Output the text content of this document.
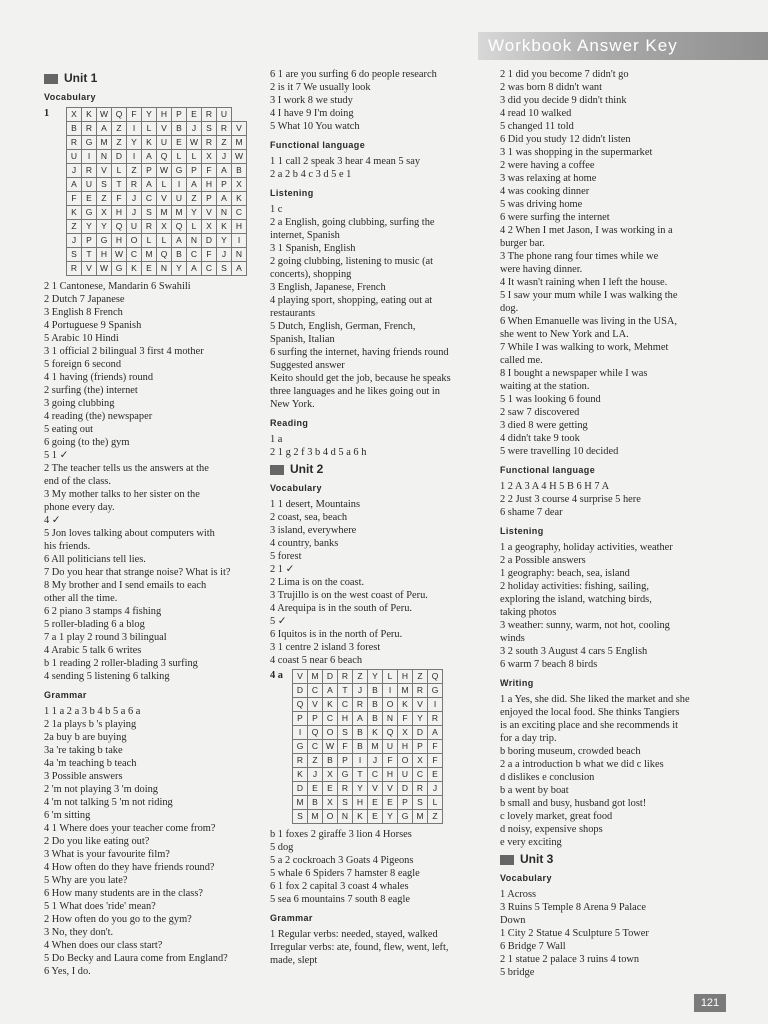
Workbook Answer Key
Unit 1
Vocabulary
1	X	K	W	Q	F	Y	H	P	E	R	U	
B	R	A	Z	I	L	V	B	J	S	R	V
R	G	M	Z	Y	K	U	E	W	R	Z	M
U	I	N	D	I	A	Q	L	L	X	J	W
J	R	V	L	Z	P	W	G	P	F	A	B
A	U	S	T	R	A	L	I	A	H	P	X
F	E	Z	F	J	C	V	U	Z	P	A	K
K	G	X	H	J	S	M	M	Y	V	N	C
Z	Y	Y	Q	U	R	X	Q	L	X	K	H
J	P	G	H	O	L	L	A	N	D	Y	I
S	T	H	W	C	M	Q	B	C	F	J	N
R	V	W	G	K	E	N	Y	A	C	S	A
2 1 Cantonese, Mandarin 6 Swahili
2 Dutch 7 Japanese
3 English 8 French
4 Portuguese 9 Spanish
5 Arabic 10 Hindi
3 1 official 2 bilingual 3 first 4 mother
5 foreign 6 second
4 1 having (friends) round
2 surfing (the) internet
3 going clubbing
4 reading (the) newspaper
5 eating out
6 going (to the) gym
5 1 ✓
2 The teacher tells us the answers at the
end of the class.
3 My mother talks to her sister on the
phone every day.
4 ✓
5 Jon loves talking about computers with
his friends.
6 All politicians tell lies.
7 Do you hear that strange noise? What is it?
8 My brother and I send emails to each
other all the time.
6 2 piano 3 stamps 4 fishing
5 roller-blading 6 a blog
7 a 1 play 2 round 3 bilingual
4 Arabic 5 talk 6 writes
b 1 reading 2 roller-blading 3 surfing
4 sending 5 listening 6 talking
Grammar
1 1 a 2 a 3 b 4 b 5 a 6 a
2 1a plays b 's playing
2a buy b are buying
3a 're taking b take
4a 'm teaching b teach
3 Possible answers
2 'm not playing 3 'm doing
4 'm not talking 5 'm not riding
6 'm sitting
4 1 Where does your teacher come from?
2 Do you like eating out?
3 What is your favourite film?
4 How often do they have friends round?
5 Why are you late?
6 How many students are in the class?
5 1 What does 'ride' mean?
2 How often do you go to the gym?
3 No, they don't.
4 When does our class start?
5 Do Becky and Laura come from England?
6 Yes, I do.
6 1 are you surfing 6 do people research
2 is it 7 We usually look
3 I work 8 we study
4 I have 9 I'm doing
5 What 10 You watch
Functional language
1 1 call 2 speak 3 hear 4 mean 5 say
2 a 2 b 4 c 3 d 5 e 1
Listening
1 c
2 a English, going clubbing, surfing the
internet, Spanish
3 1 Spanish, English
2 going clubbing, listening to music (at
concerts), shopping
3 English, Japanese, French
4 playing sport, shopping, eating out at
restaurants
5 Dutch, English, German, French,
Spanish, Italian
6 surfing the internet, having friends round
Suggested answer
Keito should get the job, because he speaks
three languages and he likes going out in
New York.
Reading
1 a
2 1 g 2 f 3 b 4 d 5 a 6 h
Unit 2
Vocabulary
1 1 desert, Mountains
2 coast, sea, beach
3 island, everywhere
4 country, banks
5 forest
2 1 ✓
2 Lima is on the coast.
3 Trujillo is on the west coast of Peru.
4 Arequipa is in the south of Peru.
5 ✓
6 Iquitos is in the north of Peru.
3 1 centre 2 island 3 forest
4 coast 5 near 6 beach
4 a V	M	D	R	Z	Y	L	H	Z	Q
D	C	A	T	J	B	I	M	R	G
Q	V	K	C	R	B	O	K	V	I
P	P	C	H	A	B	N	F	Y	R
I	Q	O	S	B	K	Q	X	D	A
G	C	W	F	B	M	U	H	P	F
R	Z	B	P	I	J	F	O	X	F
K	J	X	G	T	C	H	U	C	E
D	E	E	R	Y	V	V	D	R	J
M	B	X	S	H	E	E	P	S	L
S	M	O	N	K	E	Y	G	M	Z
b 1 foxes 2 giraffe 3 lion 4 Horses
5 dog
5 a 2 cockroach 3 Goats 4 Pigeons
5 whale 6 Spiders 7 hamster 8 eagle
6 1 fox 2 capital 3 coast 4 whales
5 sea 6 mountains 7 south 8 eagle
Grammar
1 Regular verbs: needed, stayed, walked
Irregular verbs: ate, found, flew, went, left,
made, slept
2 1 did you become 7 didn't go
2 was born 8 didn't want
3 did you decide 9 didn't think
4 read 10 walked
5 changed 11 told
6 Did you study 12 didn't listen
3 1 was shopping in the supermarket
2 were having a coffee
3 was relaxing at home
4 was cooking dinner
5 was driving home
6 were surfing the internet
4 2 When I met Jason, I was working in a
burger bar.
3 The phone rang four times while we
were having dinner.
4 It wasn't raining when I left the house.
5 I saw your mum while I was walking the
dog.
6 When Emanuelle was living in the USA,
she went to New York and LA.
7 While I was walking to work, Mehmet
called me.
8 I bought a newspaper while I was
waiting at the station.
5 1 was looking 6 found
2 saw 7 discovered
3 died 8 were getting
4 didn't take 9 took
5 were travelling 10 decided
Functional language
1 2 A 3 A 4 H 5 B 6 H 7 A
2 2 Just 3 course 4 surprise 5 here
6 shame 7 dear
Listening
1 a geography, holiday activities, weather
2 a Possible answers
1 geography: beach, sea, island
2 holiday activities: fishing, sailing,
exploring the island, watching birds,
taking photos
3 weather: sunny, warm, not hot, cooling
winds
3 2 south 3 August 4 cars 5 English
6 warm 7 beach 8 birds
Writing
1 a Yes, she did. She liked the market and she
enjoyed the local food. She thinks Tangiers
is an exciting place and she recommends it
for a day trip.
b boring museum, crowded beach
2 a a introduction b what we did c likes
d dislikes e conclusion
b a went by boat
b small and busy, husband got lost!
c lovely market, great food
d noisy, expensive shops
e very exciting
Unit 3
Vocabulary
1 Across
3 Ruins 5 Temple 8 Arena 9 Palace
Down
1 City 2 Statue 4 Sculpture 5 Tower
6 Bridge 7 Wall
2 1 statue 2 palace 3 ruins 4 town
5 bridge
121
